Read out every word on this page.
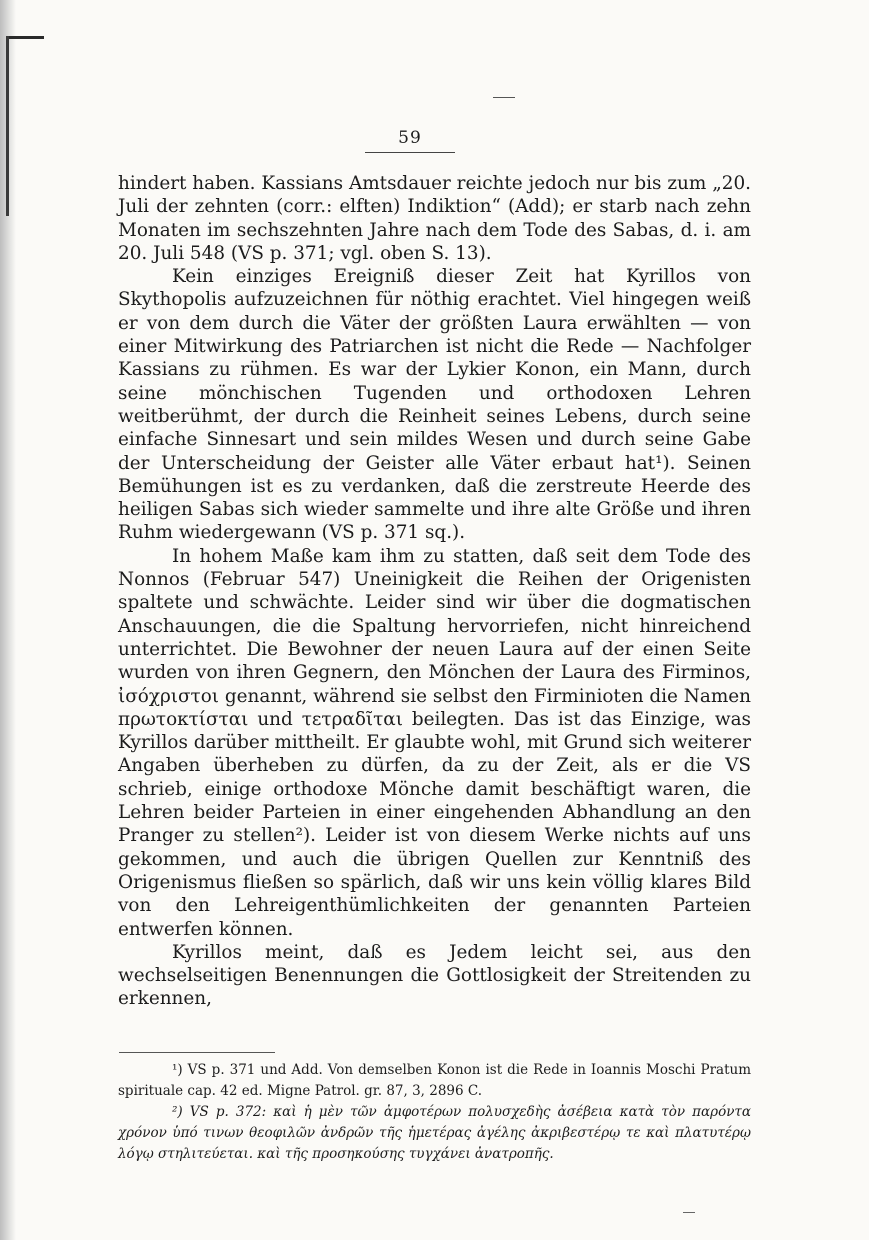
59

hindert haben. Kassians Amtsdauer reichte jedoch nur bis zum „20. Juli der zehnten (corr.: elften) Indiktion“ (Add); er starb nach zehn Monaten im sechszehnten Jahre nach dem Tode des Sabas, d. i. am 20. Juli 548 (VS p. 371; vgl. oben S. 13).

Kein einziges Ereigniß dieser Zeit hat Kyrillos von Skythopolis aufzuzeichnen für nöthig erachtet. Viel hingegen weiß er von dem durch die Väter der größten Laura erwählten — von einer Mitwirkung des Patriarchen ist nicht die Rede — Nachfolger Kassians zu rühmen. Es war der Lykier Konon, ein Mann, durch seine mönchischen Tugenden und orthodoxen Lehren weitberühmt, der durch die Reinheit seines Lebens, durch seine einfache Sinnesart und sein mildes Wesen und durch seine Gabe der Unterscheidung der Geister alle Väter erbaut hat¹). Seinen Bemühungen ist es zu verdanken, daß die zerstreute Heerde des heiligen Sabas sich wieder sammelte und ihre alte Größe und ihren Ruhm wiedergewann (VS p. 371 sq.).

In hohem Maße kam ihm zu statten, daß seit dem Tode des Nonnos (Februar 547) Uneinigkeit die Reihen der Origenisten spaltete und schwächte. Leider sind wir über die dogmatischen Anschauungen, die die Spaltung hervorriefen, nicht hinreichend unterrichtet. Die Bewohner der neuen Laura auf der einen Seite wurden von ihren Gegnern, den Mönchen der Laura des Firminos, ἰσόχριστοι genannt, während sie selbst den Firminioten die Namen πρωτοκτίσται und τετραδῖται beilegten. Das ist das Einzige, was Kyrillos darüber mittheilt. Er glaubte wohl, mit Grund sich weiterer Angaben überheben zu dürfen, da zu der Zeit, als er die VS schrieb, einige orthodoxe Mönche damit beschäftigt waren, die Lehren beider Parteien in einer eingehenden Abhandlung an den Pranger zu stellen²). Leider ist von diesem Werke nichts auf uns gekommen, und auch die übrigen Quellen zur Kenntniß des Origenismus fließen so spärlich, daß wir uns kein völlig klares Bild von den Lehreigenthümlichkeiten der genannten Parteien entwerfen können.

Kyrillos meint, daß es Jedem leicht sei, aus den wechselseitigen Benennungen die Gottlosigkeit der Streitenden zu erkennen,

¹) VS p. 371 und Add. Von demselben Konon ist die Rede in Ioannis Moschi Pratum spirituale cap. 42 ed. Migne Patrol. gr. 87, 3, 2896 C.

²) VS p. 372: καὶ ἡ μὲν τῶν ἀμφοτέρων πολυσχεδὴς ἀσέβεια κατὰ τὸν παρόντα χρόνον ὑπό τινων θεοφιλῶν ἀνδρῶν τῆς ἡμετέρας ἀγέλης ἀκριβεστέρῳ τε καὶ πλατυτέρῳ λόγῳ στηλιτεύεται. καὶ τῆς προσηκούσης τυγχάνει ἀνατροπῆς.
